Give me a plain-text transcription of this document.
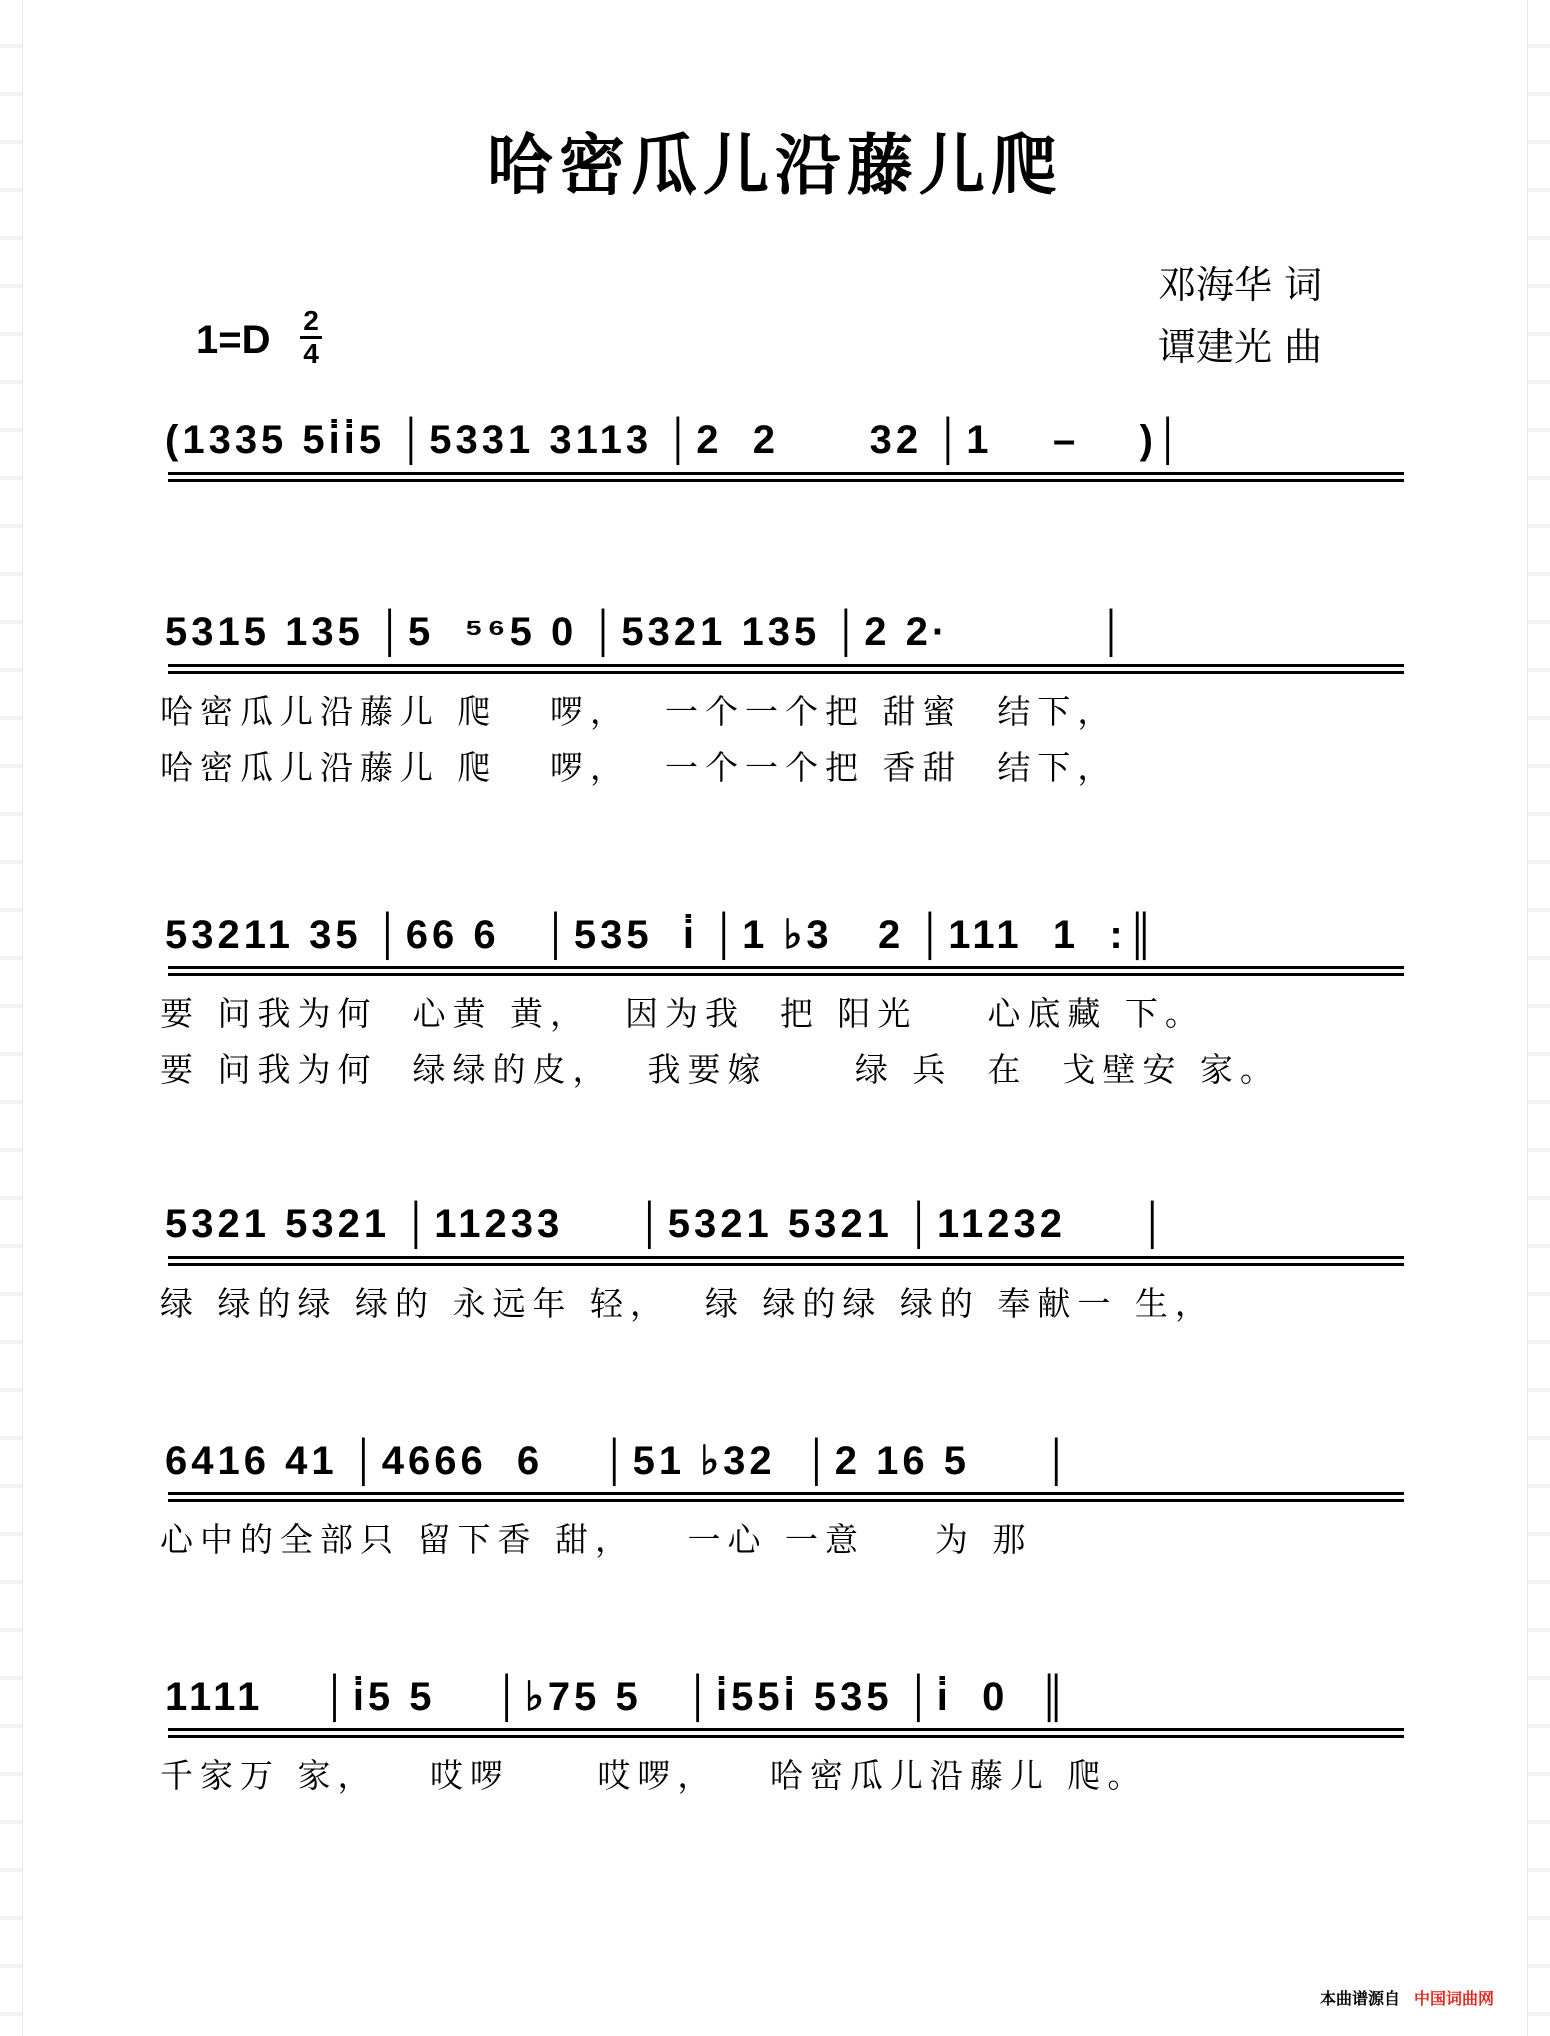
哈密瓜儿沿藤儿爬
邓海华 词
谭建光 曲
1=D 2
4
(1335 5i̇i̇5 │5331 3113 │2  2      32 │1    –    )│
5315 135 │5  ⁵⁶5 0 │5321 135 │2 2·          │
哈密瓜儿沿藤儿 爬   啰，  一个一个把 甜蜜  结下，
哈密瓜儿沿藤儿 爬   啰，  一个一个把 香甜  结下，
53211 35 │66 6   │535  i̇ │1 ♭3   2 │111  1  :║
要 问我为何  心黄 黄，  因为我  把 阳光    心底藏 下。
要 问我为何  绿绿的皮，  我要嫁     绿 兵  在  戈壁安 家。
5321 5321 │11233     │5321 5321 │11232     │
绿 绿的绿 绿的 永远年 轻，  绿 绿的绿 绿的 奉献一 生，
6416 41 │4666  6    │51 ♭32  │2 16 5     │
心中的全部只 留下香 甜，   一心 一意    为 那
1111    │i̇5 5    │♭75 5   │i̇55i̇ 535 │i̇  0  ║
千家万 家，   哎啰     哎啰，   哈密瓜儿沿藤儿 爬。
本曲谱源自 中国词曲网
